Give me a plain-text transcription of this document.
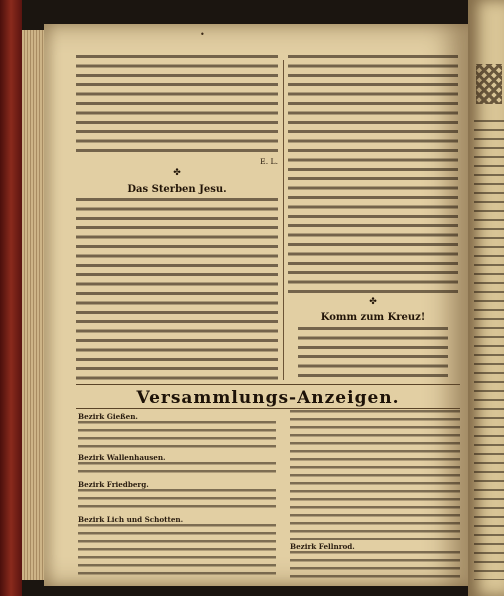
•
E. L.
✤
Das Sterben Jesu.
✤
Komm zum Kreuz!
Versammlungs-Anzeigen.
Bezirk Gießen.
Bezirk Wallenhausen.
Bezirk Friedberg.
Bezirk Lich und Schotten.
Bezirk Fellnrod.
